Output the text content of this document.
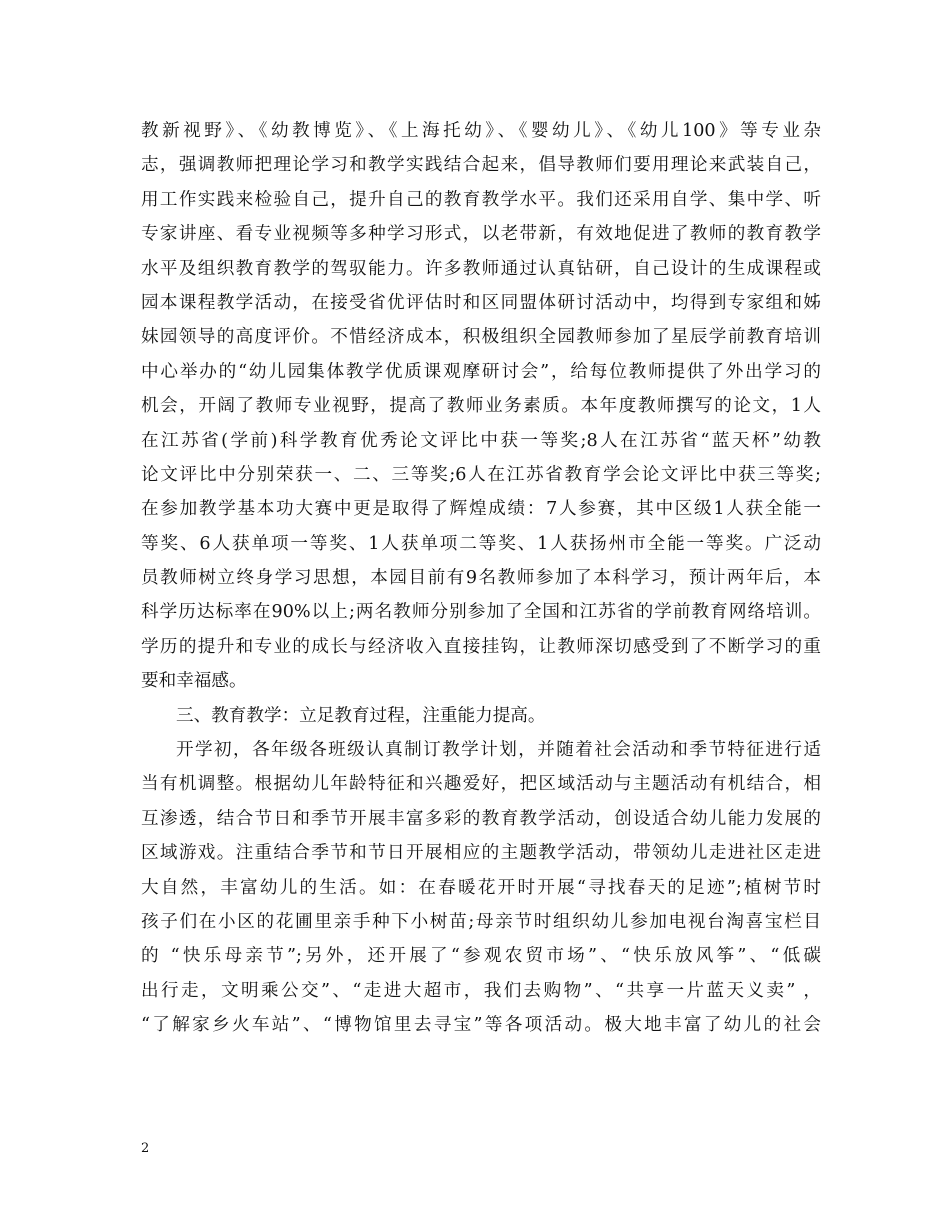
教新视野》、《幼教博览》、《上海托幼》、《婴幼儿》、《幼儿100》等专业杂
志，强调教师把理论学习和教学实践结合起来，倡导教师们要用理论来武装自己，
用工作实践来检验自己，提升自己的教育教学水平。我们还采用自学、集中学、听
专家讲座、看专业视频等多种学习形式，以老带新，有效地促进了教师的教育教学
水平及组织教育教学的驾驭能力。许多教师通过认真钻研，自己设计的生成课程或
园本课程教学活动，在接受省优评估时和区同盟体研讨活动中，均得到专家组和姊
妹园领导的高度评价。不惜经济成本，积极组织全园教师参加了星辰学前教育培训
中心举办的“幼儿园集体教学优质课观摩研讨会”，给每位教师提供了外出学习的
机会，开阔了教师专业视野，提高了教师业务素质。本年度教师撰写的论文，1人
在江苏省(学前)科学教育优秀论文评比中获一等奖;8人在江苏省“蓝天杯”幼教
论文评比中分别荣获一、二、三等奖;6人在江苏省教育学会论文评比中获三等奖;
在参加教学基本功大赛中更是取得了辉煌成绩：7人参赛，其中区级1人获全能一
等奖、6人获单项一等奖、1人获单项二等奖、1人获扬州市全能一等奖。广泛动
员教师树立终身学习思想，本园目前有9名教师参加了本科学习，预计两年后，本
科学历达标率在90%以上;两名教师分别参加了全国和江苏省的学前教育网络培训。
学历的提升和专业的成长与经济收入直接挂钩，让教师深切感受到了不断学习的重
要和幸福感。
三、教育教学：立足教育过程，注重能力提高。
开学初，各年级各班级认真制订教学计划，并随着社会活动和季节特征进行适
当有机调整。根据幼儿年龄特征和兴趣爱好，把区域活动与主题活动有机结合，相
互渗透，结合节日和季节开展丰富多彩的教育教学活动，创设适合幼儿能力发展的
区域游戏。注重结合季节和节日开展相应的主题教学活动，带领幼儿走进社区走进
大自然，丰富幼儿的生活。如：在春暖花开时开展“寻找春天的足迹”;植树节时
孩子们在小区的花圃里亲手种下小树苗;母亲节时组织幼儿参加电视台淘喜宝栏目
的 “快乐母亲节”;另外，还开展了“参观农贸市场”、“快乐放风筝”、“低碳
出行走，文明乘公交”、“走进大超市，我们去购物”、“共享一片蓝天义卖” ，
“了解家乡火车站”、“博物馆里去寻宝”等各项活动。极大地丰富了幼儿的社会
2
